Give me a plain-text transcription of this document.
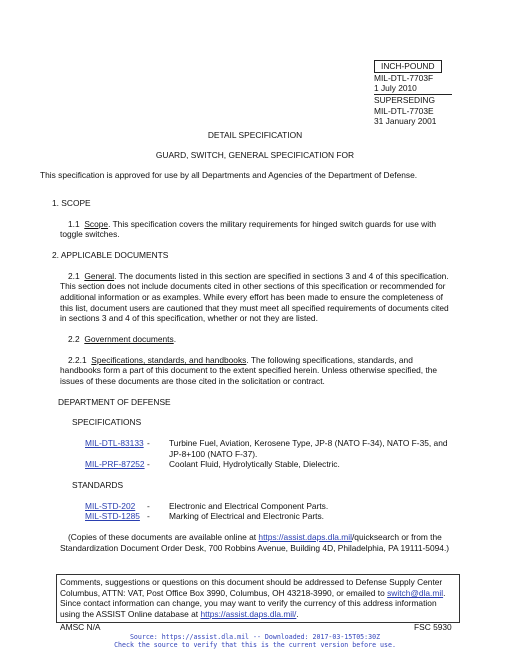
INCH-POUND
MIL-DTL-7703F
1 July 2010
SUPERSEDING
MIL-DTL-7703E
31 January 2001
DETAIL SPECIFICATION
GUARD, SWITCH, GENERAL SPECIFICATION FOR
This specification is approved for use by all Departments and Agencies of the Department of Defense.

1. SCOPE

1.1 Scope. This specification covers the military requirements for hinged switch guards for use with toggle switches.

2. APPLICABLE DOCUMENTS

2.1 General. The documents listed in this section are specified in sections 3 and 4 of this specification. This section does not include documents cited in other sections of this specification or recommended for additional information or as examples. While every effort has been made to ensure the completeness of this list, document users are cautioned that they must meet all specified requirements of documents cited in sections 3 and 4 of this specification, whether or not they are listed.

2.2 Government documents.

2.2.1 Specifications, standards, and handbooks. The following specifications, standards, and handbooks form a part of this document to the extent specified herein. Unless otherwise specified, the issues of these documents are those cited in the solicitation or contract.

DEPARTMENT OF DEFENSE

SPECIFICATIONS

MIL-DTL-83133 -	Turbine Fuel, Aviation, Kerosene Type, JP-8 (NATO F-34), NATO F-35, and JP-8+100 (NATO F-37).
MIL-PRF-87252 -	Coolant Fluid, Hydrolytically Stable, Dielectric.

STANDARDS

MIL-STD-202	-	Electronic and Electrical Component Parts.
MIL-STD-1285 -	Marking of Electrical and Electronic Parts.

(Copies of these documents are available online at https://assist.daps.dla.mil/quicksearch or from the Standardization Document Order Desk, 700 Robbins Avenue, Building 4D, Philadelphia, PA 19111-5094.)

Comments, suggestions or questions on this document should be addressed to Defense Supply Center Columbus, ATTN: VAT, Post Office Box 3990, Columbus, OH 43218-3990, or emailed to switch@dla.mil. Since contact information can change, you may want to verify the currency of this address information using the ASSIST Online database at https://assist.daps.dla.mil/.
AMSC N/A	FSC 5930
Source: https://assist.dla.mil -- Downloaded: 2017-03-15T05:30Z
Check the source to verify that this is the current version before use.
